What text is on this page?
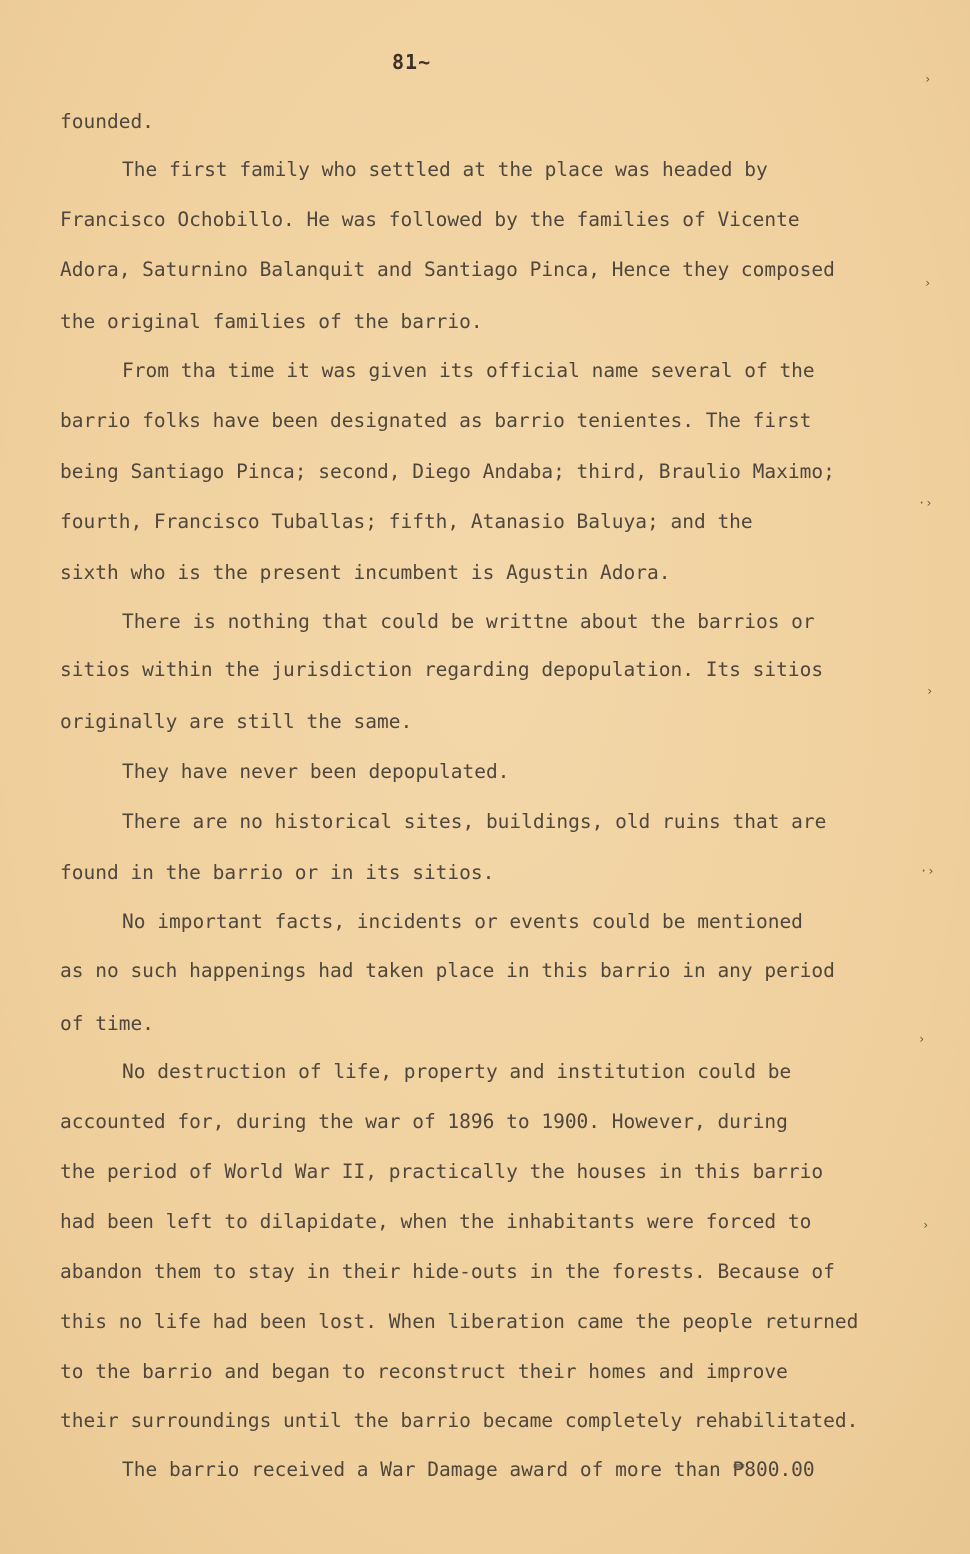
81~
founded.
The first family who settled at the place was headed by
Francisco Ochobillo. He was followed by the families of Vicente
Adora, Saturnino Balanquit and Santiago Pinca, Hence they composed
the original families of the barrio.
From tha time it was given its official name several of the
barrio folks have been designated as barrio tenientes. The first
being Santiago Pinca; second, Diego Andaba; third, Braulio Maximo;
fourth, Francisco Tuballas; fifth, Atanasio Baluya; and the
sixth who is the present incumbent is Agustin Adora.
There is nothing that could be writtne about the barrios or
sitios within the jurisdiction regarding depopulation. Its sitios
originally are still the same.
They have never been depopulated.
There are no historical sites, buildings, old ruins that are
found in the barrio or in its sitios.
No important facts, incidents or events could be mentioned
as no such happenings had taken place in this barrio in any period
of time.
No destruction of life, property and institution could be
accounted for, during the war of 1896 to 1900. However, during
the period of World War II, practically the houses in this barrio
had been left to dilapidate, when the inhabitants were forced to
abandon them to stay in their hide-outs in the forests. Because of
this no life had been lost. When liberation came the people returned
to the barrio and began to reconstruct their homes and improve
their surroundings until the barrio became completely rehabilitated.
The barrio received a War Damage award of more than ₱800.00
›
›
·›
›
·›
›
›
